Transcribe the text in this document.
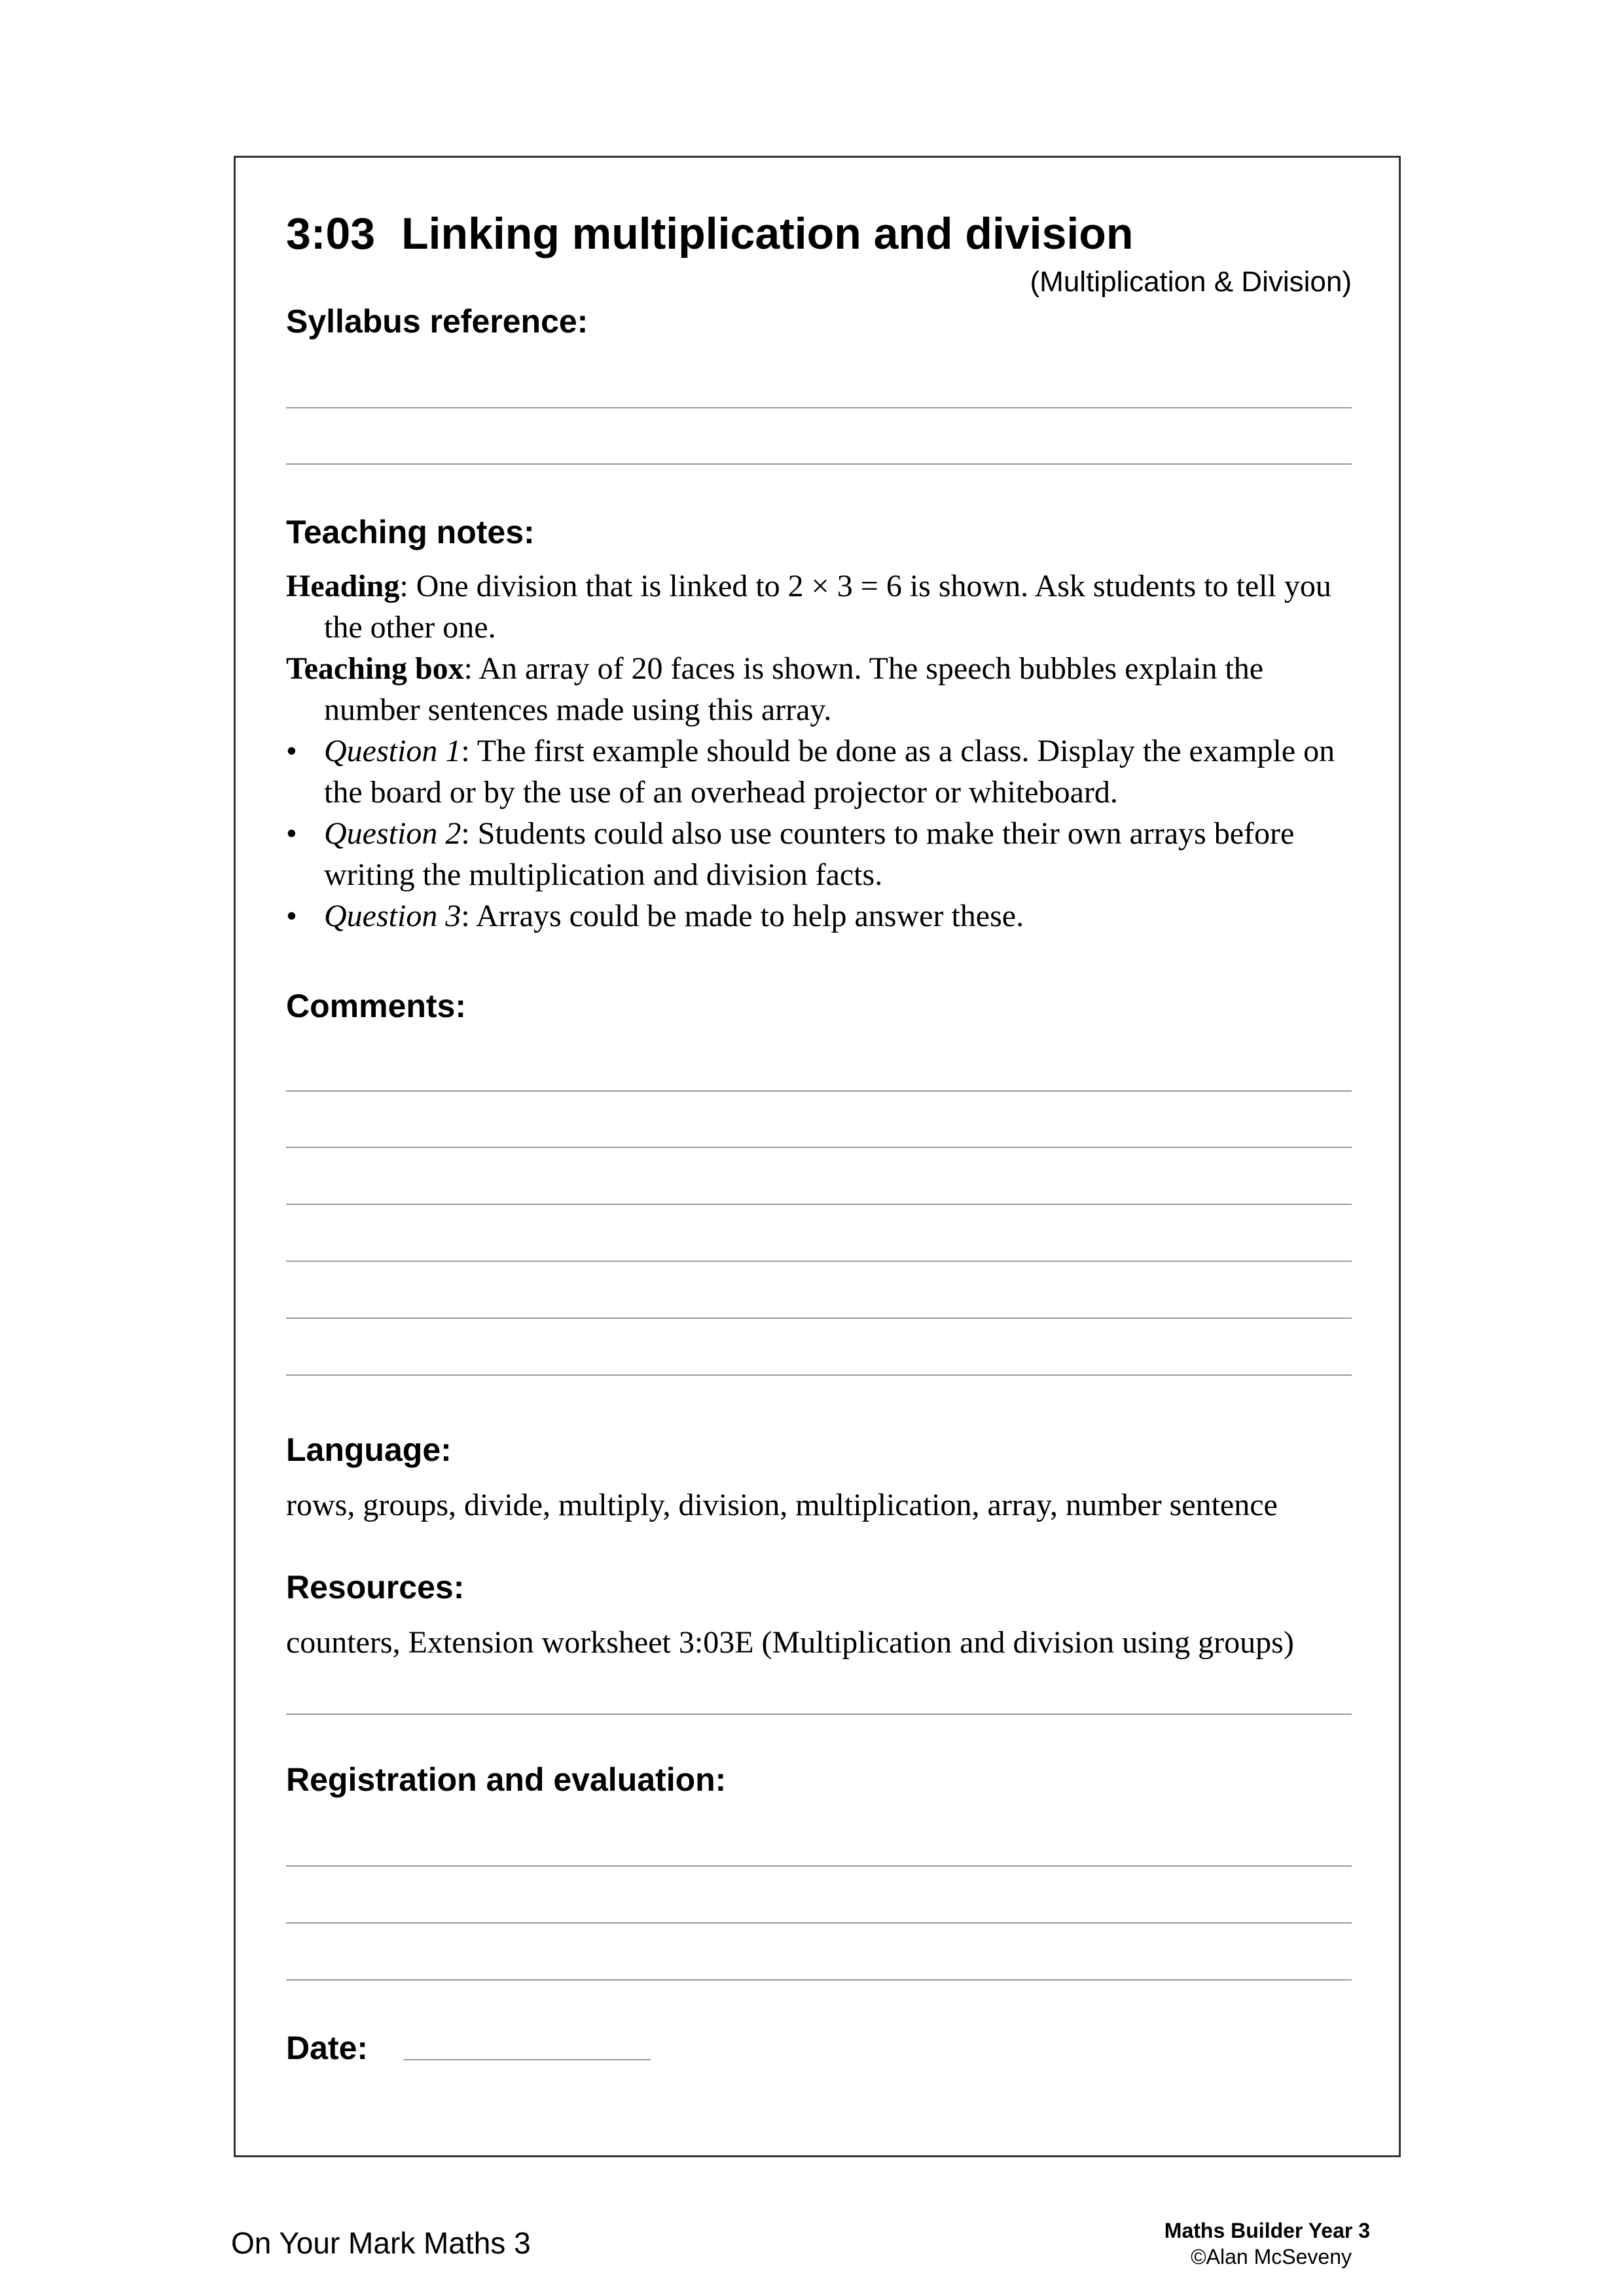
3:03 Linking multiplication and division
(Multiplication & Division)
Syllabus reference:
Teaching notes:

Heading: One division that is linked to 2 × 3 = 6 is shown. Ask students to tell you the other one.

Teaching box: An array of 20 faces is shown. The speech bubbles explain the number sentences made using this array.

• Question 1: The first example should be done as a class. Display the example on the board or by the use of an overhead projector or whiteboard.

• Question 2: Students could also use counters to make their own arrays before writing the multiplication and division facts.

• Question 3: Arrays could be made to help answer these.

Comments:
Language:
rows, groups, divide, multiply, division, multiplication, array, number sentence
Resources:
counters, Extension worksheet 3:03E (Multiplication and division using groups)
Registration and evaluation:
Date:
On Your Mark Maths 3	Maths Builder Year 3
©Alan McSeveny
